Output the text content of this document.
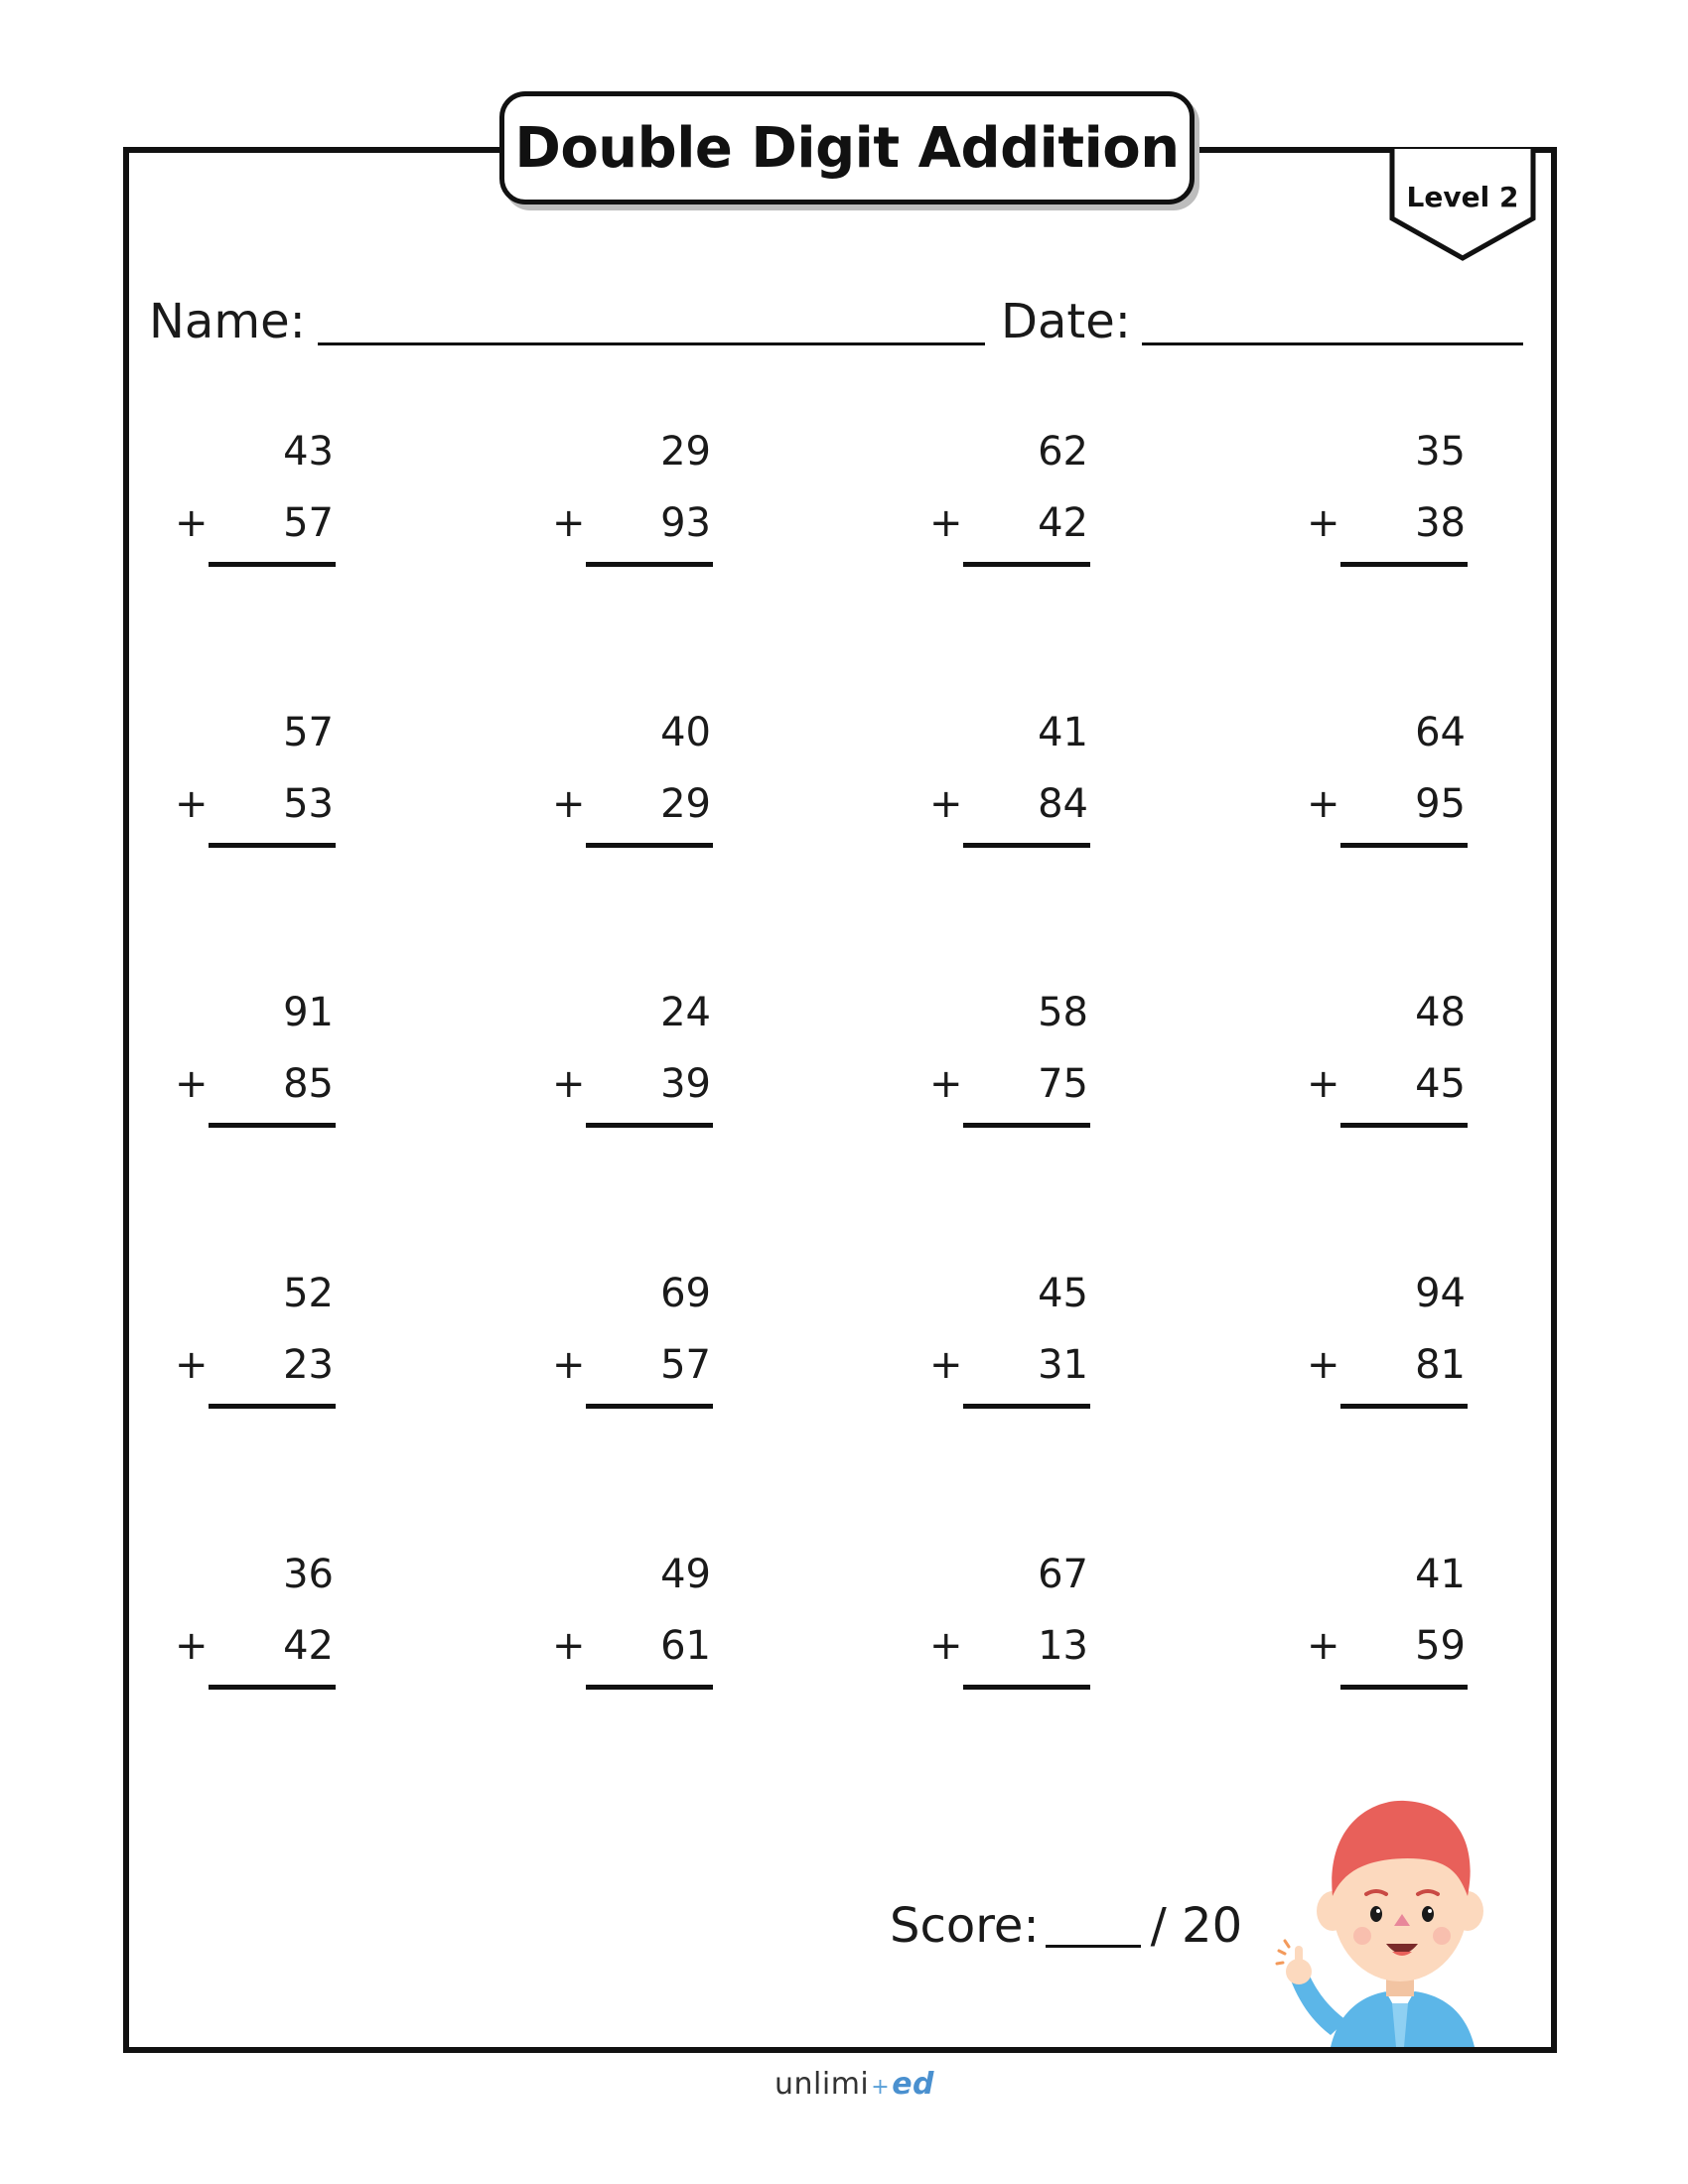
Double Digit Addition
Level 2
Name:	Date:
43
+ 57
29
+ 93
62
+ 42
35
+ 38
57
+ 53
40
+ 29
41
+ 84
64
+ 95
91
+ 85
24
+ 39
58
+ 75
48
+ 45
52
+ 23
69
+ 57
45
+ 31
94
+ 81
36
+ 42
49
+ 61
67
+ 13
41
+ 59
Score: / 20
unlimi+ed
